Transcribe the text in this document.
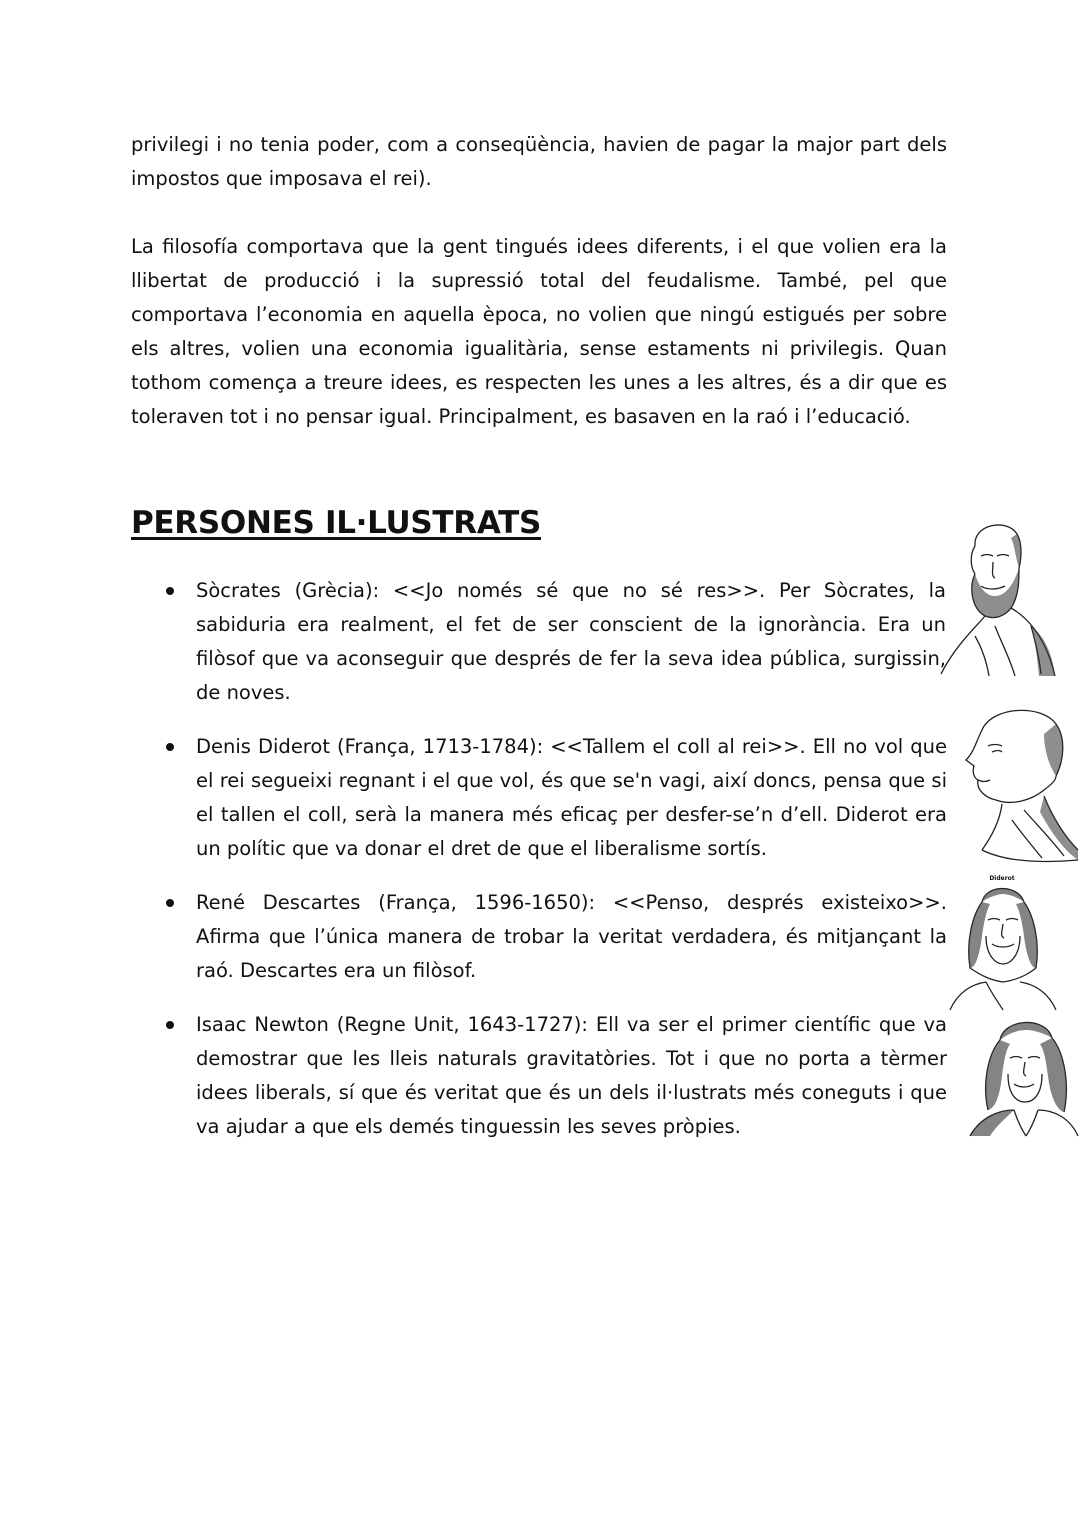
privilegi i no tenia poder, com a conseqüència, havien de pagar la major part dels impostos que imposava el rei).

La filosofía comportava que la gent tingués idees diferents, i el que volien era la llibertat de producció i la supressió total del feudalisme. També, pel que comportava l’economia en aquella època, no volien que ningú estigués per sobre els altres, volien una economia igualitària, sense estaments ni privilegis. Quan tothom comença a treure idees, es respecten les unes a les altres, és a dir que es toleraven tot i no pensar igual. Principalment, es basaven en la raó i l’educació.

PERSONES IL·LUSTRATS
Sòcrates (Grècia): <<Jo només sé que no sé res>>. Per Sòcrates, la sabiduria era realment, el fet de ser conscient de la ignorància. Era un filòsof que va aconseguir que després de fer la seva idea pública, surgissin, de noves.
Denis Diderot (França, 1713-1784): <<Tallem el coll al rei>>. Ell no vol que el rei segueixi regnant i el que vol, és que se'n vagi, així doncs, pensa que si el tallen el coll, serà la manera més eficaç per desfer-se’n d’ell. Diderot era un polític que va donar el dret de que el liberalisme sortís.
René Descartes (França, 1596-1650): <<Penso, després existeixo>>. Afirma que l’única manera de trobar la veritat verdadera, és mitjançant la raó. Descartes era un filòsof.
Isaac Newton (Regne Unit, 1643-1727): Ell va ser el primer científic que va demostrar que les lleis naturals gravitatòries. Tot i que no porta a tèrmer idees liberals, sí que és veritat que és un dels il·lustrats més coneguts i que va ajudar a que els demés tinguessin les seves pròpies.
Diderot
